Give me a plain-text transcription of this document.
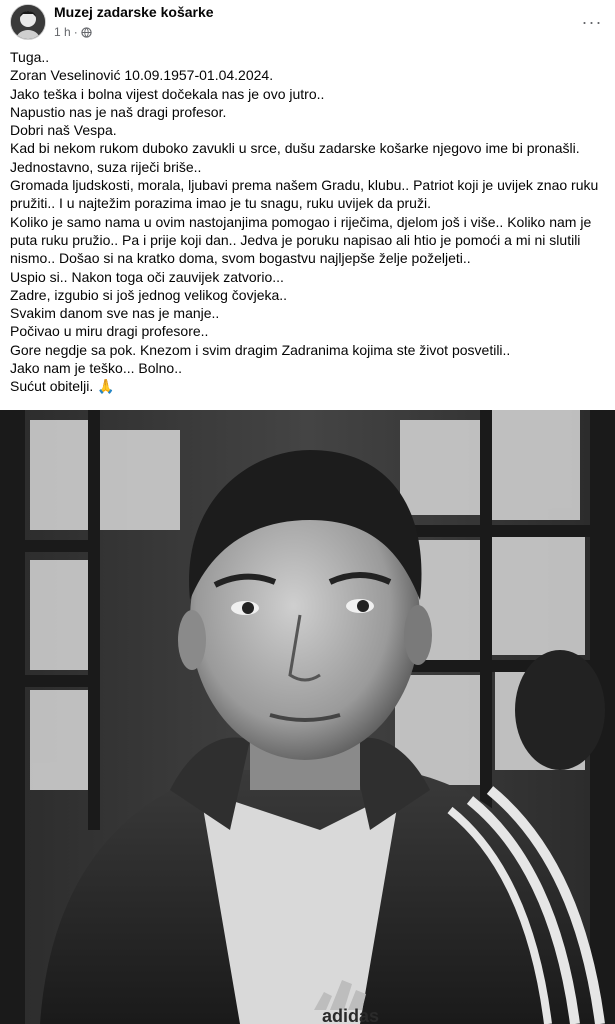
Muzej zadarske košarke
1 h ·
···

Tuga..

Zoran Veselinović 10.09.1957-01.04.2024.

Jako teška i bolna vijest dočekala nas je ovo jutro..

Napustio nas je naš dragi profesor.

Dobri naš Vespa.

Kad bi nekom rukom duboko zavukli u srce, dušu zadarske košarke njegovo ime bi pronašli.

Jednostavno, suza riječi briše..

Gromada ljudskosti, morala, ljubavi prema našem Gradu, klubu.. Patriot koji je uvijek znao ruku pružiti.. I u najtežim porazima imao je tu snagu, ruku uvijek da pruži.

Koliko je samo nama u ovim nastojanjima pomogao i riječima, djelom još i više.. Koliko nam je puta ruku pružio.. Pa i prije koji dan.. Jedva je poruku napisao ali htio je pomoći a mi ni slutili nismo.. Došao si na kratko doma, svom bogastvu najljepše želje poželjeti..

Uspio si.. Nakon toga oči zauvijek zatvorio...

Zadre, izgubio si još jednog velikog čovjeka..

Svakim danom sve nas je manje..

Počivao u miru dragi profesore..

Gore negdje sa pok. Knezom i svim dragim Zadranima kojima ste život posvetili..

Jako nam je teško... Bolno..

Sućut obitelji. 🙏

adidas
